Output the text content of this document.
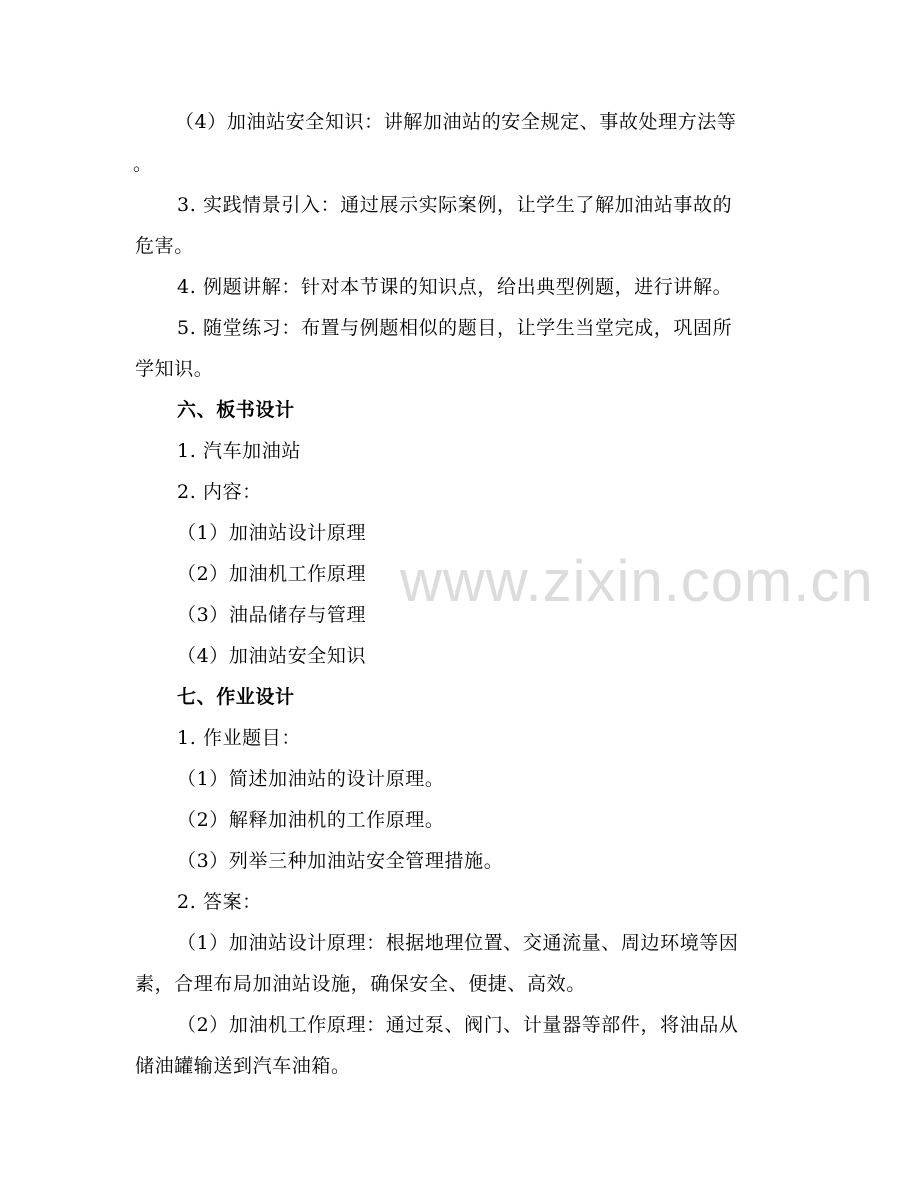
www.zixin.com.cn
（4）加油站安全知识：讲解加油站的安全规定、事故处理方法等
。
3. 实践情景引入：通过展示实际案例，让学生了解加油站事故的
危害。
4. 例题讲解：针对本节课的知识点，给出典型例题，进行讲解。
5. 随堂练习：布置与例题相似的题目，让学生当堂完成，巩固所
学知识。
六、板书设计
1. 汽车加油站
2. 内容：
（1）加油站设计原理
（2）加油机工作原理
（3）油品储存与管理
（4）加油站安全知识
七、作业设计
1. 作业题目：
（1）简述加油站的设计原理。
（2）解释加油机的工作原理。
（3）列举三种加油站安全管理措施。
2. 答案：
（1）加油站设计原理：根据地理位置、交通流量、周边环境等因
素，合理布局加油站设施，确保安全、便捷、高效。
（2）加油机工作原理：通过泵、阀门、计量器等部件，将油品从
储油罐输送到汽车油箱。
